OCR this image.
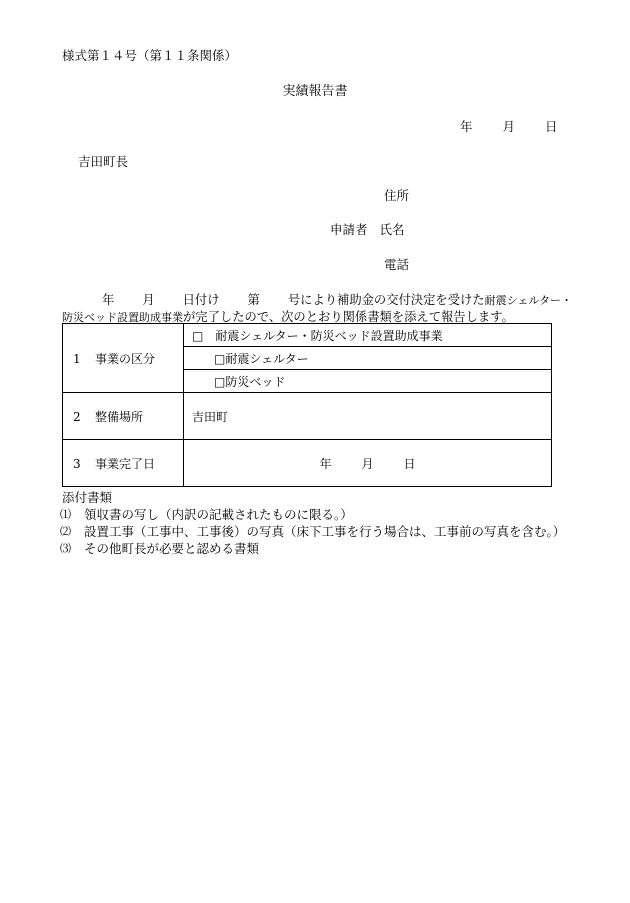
様式第１４号（第１１条関係）
実績報告書
年 月 日
吉田町長
住所
申請者 氏名
電話
年 月 日付け 第 号により補助金の交付決定を受けた耐震シェルター・防災ベッド設置助成事業が完了したので、次のとおり関係書類を添えて報告します。
1 事業の区分	□　耐震シェルター・防災ベッド設置助成事業
	□耐震シェルター
	□防災ベッド
2 整備場所	吉田町
3 事業完了日	年 月 日
添付書類
⑴ 領収書の写し（内訳の記載されたものに限る。）
⑵ 設置工事（工事中、工事後）の写真（床下工事を行う場合は、工事前の写真を含む。）
⑶ その他町長が必要と認める書類
